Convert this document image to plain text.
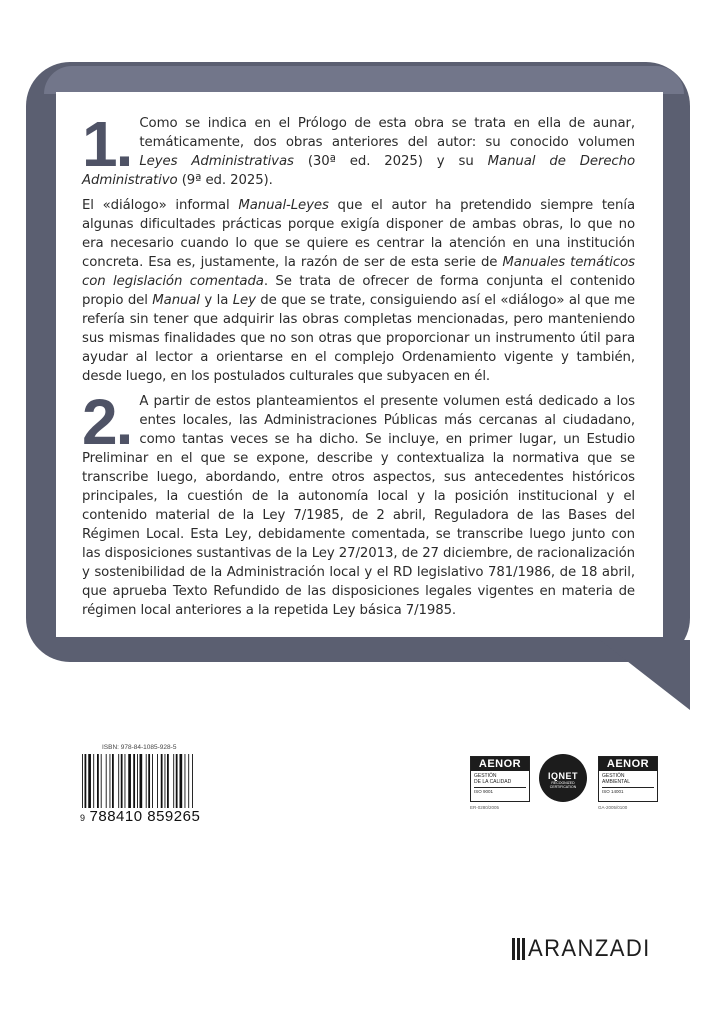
1. Como se indica en el Prólogo de esta obra se trata en ella de aunar, temáticamente, dos obras anteriores del autor: su conocido volumen Leyes Administrativas (30ª ed. 2025) y su Manual de Derecho Administrativo (9ª ed. 2025).

El «diálogo» informal Manual-Leyes que el autor ha pretendido siempre tenía algunas dificultades prácticas porque exigía disponer de ambas obras, lo que no era necesario cuando lo que se quiere es centrar la atención en una institución concreta. Esa es, justamente, la razón de ser de esta serie de Manuales temáticos con legislación comentada. Se trata de ofrecer de forma conjunta el contenido propio del Manual y la Ley de que se trate, consiguiendo así el «diálogo» al que me refería sin tener que adquirir las obras completas mencionadas, pero manteniendo sus mismas finalidades que no son otras que proporcionar un instrumento útil para ayudar al lector a orientarse en el complejo Ordenamiento vigente y también, desde luego, en los postulados culturales que subyacen en él.

2. A partir de estos planteamientos el presente volumen está dedicado a los entes locales, las Administraciones Públicas más cercanas al ciudadano, como tantas veces se ha dicho. Se incluye, en primer lugar, un Estudio Preliminar en el que se expone, describe y contextualiza la normativa que se transcribe luego, abordando, entre otros aspectos, sus antecedentes históricos principales, la cuestión de la autonomía local y la posición institucional y el contenido material de la Ley 7/1985, de 2 abril, Reguladora de las Bases del Régimen Local. Esta Ley, debidamente comentada, se transcribe luego junto con las disposiciones sustantivas de la Ley 27/2013, de 27 diciembre, de racionalización y sostenibilidad de la Administración local y el RD legislativo 781/1986, de 18 abril, que aprueba Texto Refundido de las disposiciones legales vigentes en materia de régimen local anteriores a la repetida Ley básica 7/1985.

ISBN: 978-84-1085-928-5
9 788410 859265
AENOR
GESTIÓN
DE LA CALIDAD
ISO 9001
ER-0280/2005
IQNET
RECOGNIZED
CERTIFICATION
AENOR
GESTIÓN
AMBIENTAL
ISO 14001
GA-2005/0100
ARANZADI
